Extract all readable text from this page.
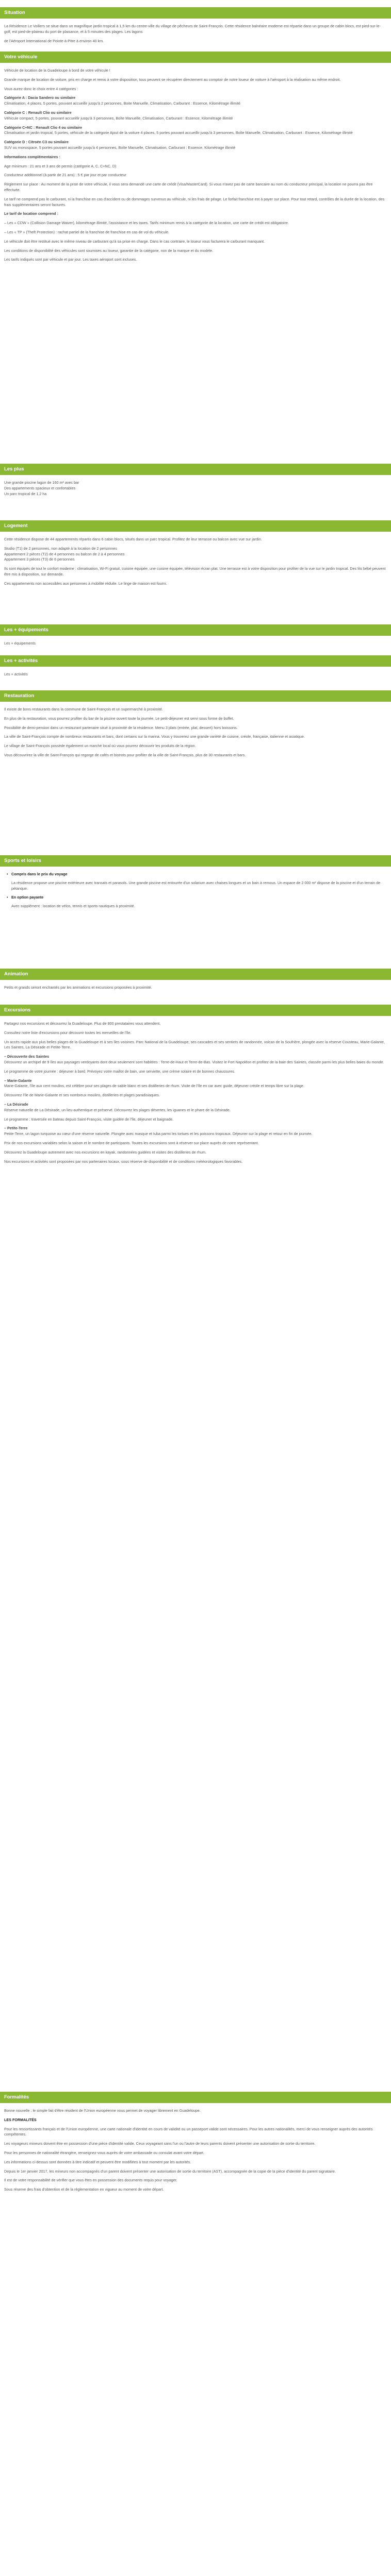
Situation

La Résidence Le Voiliers se situe dans un magnifique jardin tropical à 1,5 km du centre-ville du village de pêcheurs de Saint-François. Cette résidence balnéaire moderne est répartie dans un groupe de cabin blocs, est pied-sur-le-golf, est pied-de-plateau du port de plaisance, et à 5 minutes des plages. Les lagons

de l'Aéroport International de Pointe-à-Pitre à environ 40 km.

Votre véhicule

Véhicule de location de la Guadeloupe à bord de votre véhicule !

Grande marque de location de voiture, pris en charge et remis à votre disposition, tous peuvent se récupérer directement au comptoir de notre loueur de voiture à l'aéroport à la réalisation au même endroit.

Vous aurez donc le choix entre 4 catégories :

Catégorie A : Dacia Sandero ou similaire

Climatisation, 4 places, 5 portes, pouvant accueillir jusqu'à 2 personnes, Boite Manuelle, Climatisation, Carburant : Essence, Kilométrage illimité

Catégorie C : Renault Clio ou similaire

Véhicule compact, 5 portes, pouvant accueillir jusqu'à 3 personnes, Boîte Manuelle, Climatisation, Carburant : Essence, Kilométrage illimité

Catégorie C+NC : Renault Clio 4 ou similaire

Climatisation et jardin tropical, 5 portes, véhicule de la catégorie Ajout de la voiture 4 places, 5 portes pouvant accueillir jusqu'à 3 personnes, Boîte Manuelle, Climatisation, Carburant : Essence, Kilométrage illimité

Catégorie D : Citroën C3 ou similaire

SUV ou monospace, 5 portes pouvant accueillir jusqu'à 4 personnes, Boîte Manuelle, Climatisation, Carburant : Essence, Kilométrage illimité

Informations complémentaires :

Age minimum : 21 ans et 3 ans de permis (catégorie A, C, C+NC, D)

Conducteur additionnel (à partir de 21 ans) : 5 € par jour et par conducteur

Règlement sur place : Au moment de la prise de votre véhicule, il vous sera demandé une carte de crédit (Visa/MasterCard). Si vous n'avez pas de carte bancaire au nom du conducteur principal, la location ne pourra pas être effectuée.

Le tarif ne comprend pas le carburant, ni la franchise en cas d'accident ou de dommages survenus au véhicule, ni les frais de péage. Le forfait franchise est à payer sur place. Pour tout retard, contrôles de la durée de la location, des frais supplémentaires seront facturés.

Le tarif de location comprend :

– Les « CDW » (Collision Damage Waiver), kilométrage illimité, l'assistance et les taxes. Tarifs minimum remis à la catégorie de la location, une carte de crédit est obligatoire.

– Les « TP » (Theft Protection) : rachat partiel de la franchise de franchise en cas de vol du véhicule.

Le véhicule doit être restitué avec le même niveau de carburant qu'à sa prise en charge. Dans le cas contraire, le loueur vous facturera le carburant manquant.

Les conditions de disponibilité des véhicules sont soumises au loueur, garantie de la catégorie, non de la marque et du modèle.

Les tarifs indiqués sont par véhicule et par jour. Les taxes aéroport sont incluses.

Les plus

Une grande piscine lagon de 160 m² avec bar

Des appartements spacieux et confortables

Un parc tropical de 1,2 ha

Logement

Cette résidence dispose de 44 appartements répartis dans 6 cabin blocs, situés dans un parc tropical. Profitez de leur terrasse ou balcon avec vue sur jardin.

Studio (T1) de 2 personnes, non adapté à la location de 2 personnes

Appartement 2 pièces (T2) de 4 personnes ou balcon de 2 à 4 personnes

Appartement 3 pièces (T3) de 6 personnes

Ils sont équipés de tout le confort moderne : climatisation, Wi-Fi gratuit, cuisine équipée, une cuisine équipée, télévision écran plat. Une terrasse est à votre disposition pour profiter de la vue sur le jardin tropical. Des lits bébé peuvent être mis à disposition, sur demande.

Ces appartements non accessibles aux personnes à mobilité réduite. Le linge de maison est fourni.

Les + équipements

Les + équipements

Les + activités

Les + activités

Restauration

Il existe de bons restaurants dans la commune de Saint-François et un supermarché à proximité.

En plus de la restauration, vous pourrez profiter du bar de la piscine ouvert toute la journée. Le petit-déjeuner est servi sous forme de buffet.

Possibilité de demi-pension dans un restaurant partenaire situé à proximité de la résidence. Menu 3 plats (entrée, plat, dessert) hors boissons.

La ville de Saint-François compte de nombreux restaurants et bars, dont certains sur la marina. Vous y trouverez une grande variété de cuisine, créole, française, italienne et asiatique.

Le village de Saint-François possède également un marché local où vous pourrez découvrir les produits de la région.

Vous découvrirez la ville de Saint-François qui regorge de cafés et bistrots pour profiter de la ville de Saint-François, plus de 30 restaurants et bars.

Sports et loisirs

• Compris dans le prix du voyage

La résidence propose une piscine extérieure avec transats et parasols. Une grande piscine est entourée d'un solarium avec chaises longues et un bain à remous. Un espace de 2 000 m² dispose de la piscine et d'un terrain de pétanque.

• En option payante

Avec supplément : location de vélos, tennis et sports nautiques à proximité.

Animation

Petits et grands seront enchantés par les animations et excursions proposées à proximité.

Excursions

Partagez nos excursions et découvrez la Guadeloupe. Plus de 800 prestataires vous attendent.

Consultez notre liste d'excursions pour découvrir toutes les merveilles de l'île.

Un accès rapide aux plus belles plages de la Guadeloupe et à ses îles voisines. Parc National de la Guadeloupe, ses cascades et ses sentiers de randonnée, volcan de la Soufrière, plongée avec la réserve Cousteau, Marie-Galante, Les Saintes, La Désirade et Petite-Terre.

– Découverte des Saintes

Découvrez un archipel de 9 îles aux paysages verdoyants dont deux seulement sont habitées : Terre-de-Haut et Terre-de-Bas. Visitez le Fort Napoléon et profitez de la baie des Saintes, classée parmi les plus belles baies du monde.

Le programme de votre journée : déjeuner à bord. Prévoyez votre maillot de bain, une serviette, une crème solaire et de bonnes chaussures.

– Marie-Galante

Marie-Galante, l'île aux cent moulins, est célèbre pour ses plages de sable blanc et ses distilleries de rhum. Visite de l'île en car avec guide, déjeuner créole et temps libre sur la plage.

Découvrez l'île de Marie-Galante et ses nombreux moulins, distilleries et plages paradisiaques.

– La Désirade

Réserve naturelle de La Désirade, un lieu authentique et préservé. Découvrez les plages désertes, les iguanes et le phare de la Désirade.

Le programme : traversée en bateau depuis Saint-François, visite guidée de l'île, déjeuner et baignade.

– Petite-Terre

Petite-Terre, un lagon turquoise au cœur d'une réserve naturelle. Plongée avec masque et tuba parmi les tortues et les poissons tropicaux. Déjeuner sur la plage et retour en fin de journée.

Prix de nos excursions variables selon la saison et le nombre de participants. Toutes les excursions sont à réserver sur place auprès de notre représentant.

Découvrez la Guadeloupe autrement avec nos excursions en kayak, randonnées guidées et visites des distilleries de rhum.

Nos excursions et activités sont proposées par nos partenaires locaux, sous réserve de disponibilité et de conditions météorologiques favorables.

Formalités

Bonne nouvelle : le simple fait d'être résident de l'Union européenne vous permet de voyager librement en Guadeloupe.

LES FORMALITÉS

Pour les ressortissants français et de l'Union européenne, une carte nationale d'identité en cours de validité ou un passeport valide sont nécessaires. Pour les autres nationalités, merci de vous renseigner auprès des autorités compétentes.

Les voyageurs mineurs doivent être en possession d'une pièce d'identité valide. Ceux voyageant sans l'un ou l'autre de leurs parents doivent présenter une autorisation de sortie du territoire.

Pour les personnes de nationalité étrangère, renseignez-vous auprès de votre ambassade ou consulat avant votre départ.

Les informations ci-dessus sont données à titre indicatif et peuvent être modifiées à tout moment par les autorités.

Depuis le 1er janvier 2017, les mineurs non accompagnés d'un parent doivent présenter une autorisation de sortie du territoire (AST), accompagnée de la copie de la pièce d'identité du parent signataire.

Il est de votre responsabilité de vérifier que vous êtes en possession des documents requis pour voyager.

Sous réserve des frais d'obtention et de la réglementation en vigueur au moment de votre départ.
